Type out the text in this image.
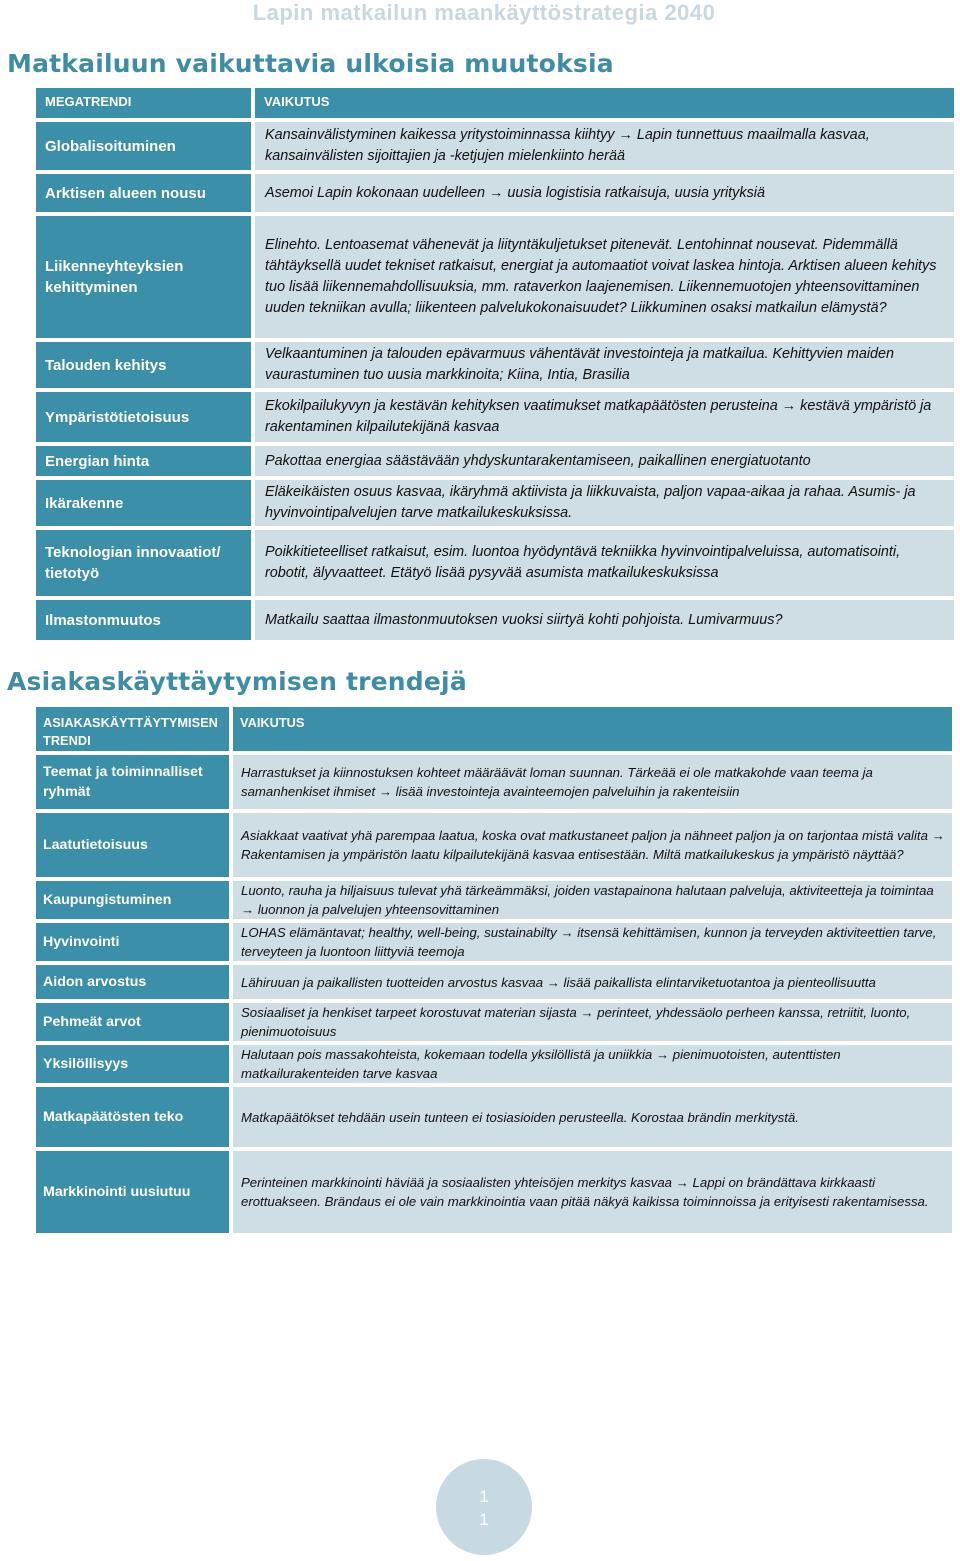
Lapin matkailun maankäyttöstrategia 2040
Matkailuun vaikuttavia ulkoisia muutoksia
MEGATRENDI	VAIKUTUS
Globalisoituminen	Kansainvälistyminen kaikessa yritystoiminnassa kiihtyy → Lapin tunnettuus maailmalla kasvaa, kansainvälisten sijoittajien ja -ketjujen mielenkiinto herää
Arktisen alueen nousu	Asemoi Lapin kokonaan uudelleen → uusia logistisia ratkaisuja, uusia yrityksiä
Liikenneyhteyksien kehittyminen	Elinehto. Lentoasemat vähenevät ja liityntäkuljetukset pitenevät. Lentohinnat nousevat. Pidemmällä tähtäyksellä uudet tekniset ratkaisut, energiat ja automaatiot voivat laskea hintoja. Arktisen alueen kehitys tuo lisää liikennemahdollisuuksia, mm. rataverkon laajenemisen. Liikennemuotojen yhteensovittaminen uuden tekniikan avulla; liikenteen palvelukokonaisuudet? Liikkuminen osaksi matkailun elämystä?
Talouden kehitys	Velkaantuminen ja talouden epävarmuus vähentävät investointeja ja matkailua. Kehittyvien maiden vaurastuminen tuo uusia markkinoita; Kiina, Intia, Brasilia
Ympäristötietoisuus	Ekokilpailukyvyn ja kestävän kehityksen vaatimukset matkapäätösten perusteina → kestävä ympäristö ja rakentaminen kilpailutekijänä kasvaa
Energian hinta	Pakottaa energiaa säästävään yhdyskuntarakentamiseen, paikallinen energiatuotanto
Ikärakenne	Eläkeikäisten osuus kasvaa, ikäryhmä aktiivista ja liikkuvaista, paljon vapaa-aikaa ja rahaa. Asumis- ja hyvinvointipalvelujen tarve matkailukeskuksissa.
Teknologian innovaatiot/ tietotyö	Poikkitieteelliset ratkaisut, esim. luontoa hyödyntävä tekniikka hyvinvointipalveluissa, automatisointi, robotit, älyvaatteet. Etätyö lisää pysyvää asumista matkailukeskuksissa
Ilmastonmuutos	Matkailu saattaa ilmastonmuutoksen vuoksi siirtyä kohti pohjoista. Lumivarmuus?
Asiakaskäyttäytymisen trendejä
ASIAKASKÄYTTÄYTYMISEN TRENDI	VAIKUTUS
Teemat ja toiminnalliset ryhmät	Harrastukset ja kiinnostuksen kohteet määräävät loman suunnan. Tärkeää ei ole matkakohde vaan teema ja samanhenkiset ihmiset → lisää investointeja avainteemojen palveluihin ja rakenteisiin
Laatutietoisuus	Asiakkaat vaativat yhä parempaa laatua, koska ovat matkustaneet paljon ja nähneet paljon ja on tarjontaa mistä valita → Rakentamisen ja ympäristön laatu kilpailutekijänä kasvaa entisestään. Miltä matkailukeskus ja ympäristö näyttää?
Kaupungistuminen	Luonto, rauha ja hiljaisuus tulevat yhä tärkeämmäksi, joiden vastapainona halutaan palveluja, aktiviteetteja ja toimintaa → luonnon ja palvelujen yhteensovittaminen
Hyvinvointi	LOHAS elämäntavat; healthy, well-being, sustainabilty → itsensä kehittämisen, kunnon ja terveyden aktiviteettien tarve, terveyteen ja luontoon liittyviä teemoja
Aidon arvostus	Lähiruuan ja paikallisten tuotteiden arvostus kasvaa → lisää paikallista elintarviketuotantoa ja pienteollisuutta
Pehmeät arvot	Sosiaaliset ja henkiset tarpeet korostuvat materian sijasta → perinteet, yhdessäolo perheen kanssa, retriitit, luonto, pienimuotoisuus
Yksilöllisyys	Halutaan pois massakohteista, kokemaan todella yksilöllistä ja uniikkia → pienimuotoisten, autenttisten matkailurakenteiden tarve kasvaa
Matkapäätösten teko	Matkapäätökset tehdään usein tunteen ei tosiasioiden perusteella. Korostaa brändin merkitystä.
Markkinointi uusiutuu	Perinteinen markkinointi häviää ja sosiaalisten yhteisöjen merkitys kasvaa → Lappi on brändättava kirkkaasti erottuakseen. Brändaus ei ole vain markkinointia vaan pitää näkyä kaikissa toiminnoissa ja erityisesti rakentamisessa.
1
1
